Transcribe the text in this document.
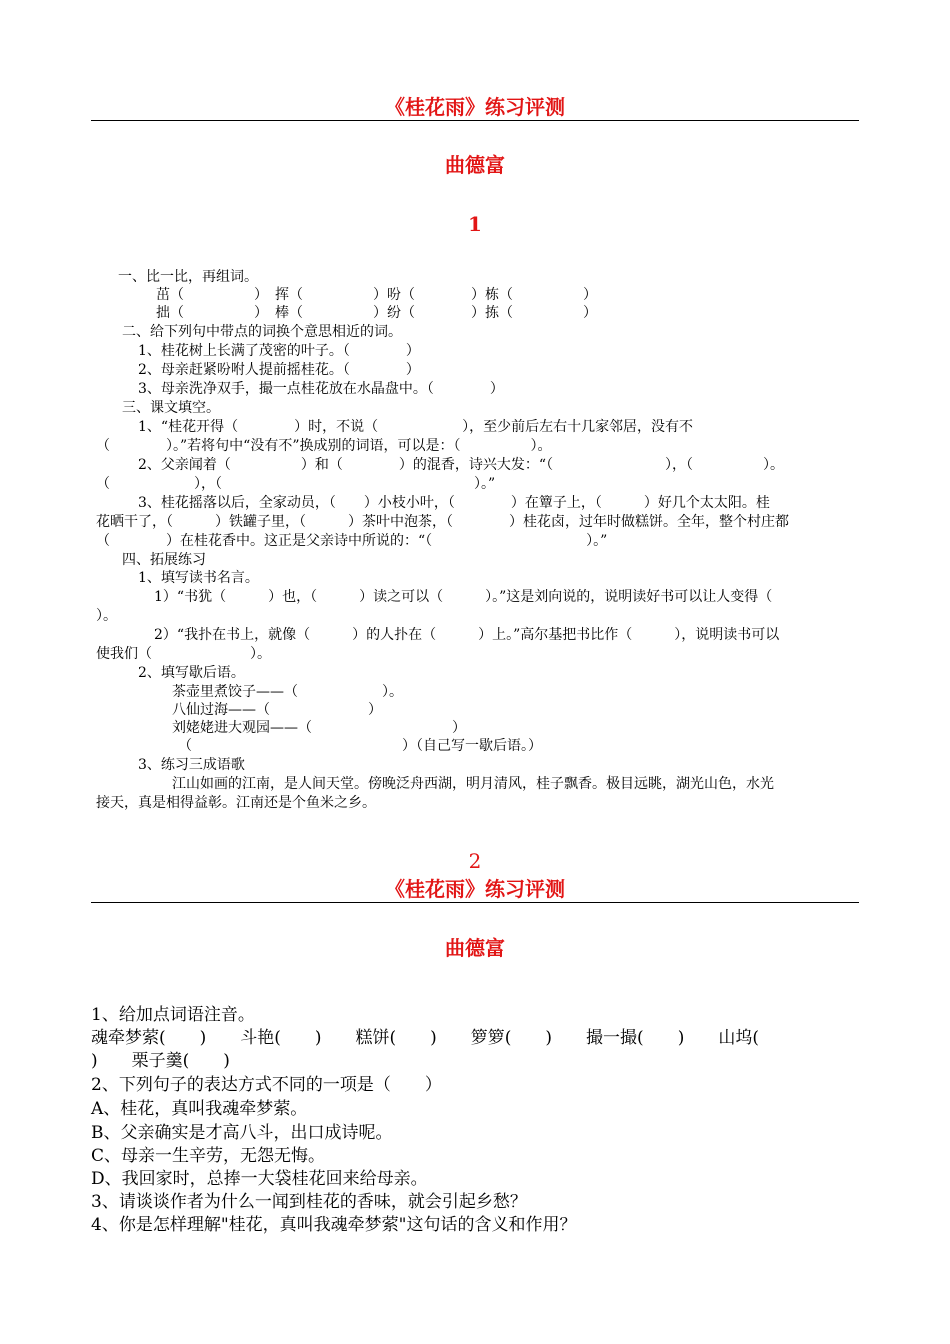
《桂花雨》练习评测
曲德富
1
一、比一比，再组词。
茁（　　　　　）　挥（　　　　　）吩（　　　　）栋（　　　　　）
拙（　　　　　）　棒（　　　　　）纷（　　　　）拣（　　　　　）
二、给下列句中带点的词换个意思相近的词。
1、桂花树上长满了茂密的叶子。（　　　　）
2、母亲赶紧吩咐人提前摇桂花。（　　　　）
3、母亲洗净双手，撮一点桂花放在水晶盘中。（　　　　）
三、课文填空。
1、“桂花开得（　　　　）时，不说（　　　　　　），至少前后左右十几家邻居，没有不
（　　　　）。”若将句中“没有不”换成别的词语，可以是：（　　　　　）。
2、父亲闻着（　　　　　）和（　　　　）的混香，诗兴大发：“（　　　　　　　　），（　　　　　）。
（　　　　　　），（　　　　　　　　　　　　　　　　　　）。”
3、桂花摇落以后，全家动员，（　　）小枝小叶，（　　　　）在簟子上，（　　　）好几个太太阳。桂
花晒干了，（　　　）铁罐子里，（　　　）茶叶中泡茶，（　　　　）桂花卤，过年时做糕饼。全年，整个村庄都
（　　　　）在桂花香中。这正是父亲诗中所说的：“（　　　　　　　　　　　）。”
四、拓展练习
1、填写读书名言。
1）“书犹（　　　）也，（　　　）读之可以（　　　）。”这是刘向说的，说明读好书可以让人变得（
）。
2）“我扑在书上，就像（　　　）的人扑在（　　　）上。”高尔基把书比作（　　　），说明读书可以
使我们（　　　　　　　）。
2、填写歇后语。
茶壶里煮饺子——（　　　　　　）。
八仙过海——（　　　　　　　）
刘姥姥进大观园——（　　　　　　　　　　）
（　　　　　　　　　　　　　　　）（自己写一歇后语。）
3、练习三成语歌
江山如画的江南，是人间天堂。傍晚泛舟西湖，明月清风，桂子飘香。极目远眺，湖光山色，水光
接天，真是相得益彰。江南还是个鱼米之乡。
2
《桂花雨》练习评测
曲德富
1、给加点词语注音。
魂牵梦萦(　　)　　斗艳(　　)　　糕饼(　　)　　箩箩(　　)　　撮一撮(　　)　　山坞(
)　　栗子羹(　　)
2、下列句子的表达方式不同的一项是（　　）
A、桂花，真叫我魂牵梦萦。
B、父亲确实是才高八斗，出口成诗呢。
C、母亲一生辛劳，无怨无悔。
D、我回家时，总捧一大袋桂花回来给母亲。
3、请谈谈作者为什么一闻到桂花的香味，就会引起乡愁？
4、你是怎样理解"桂花，真叫我魂牵梦萦"这句话的含义和作用？
